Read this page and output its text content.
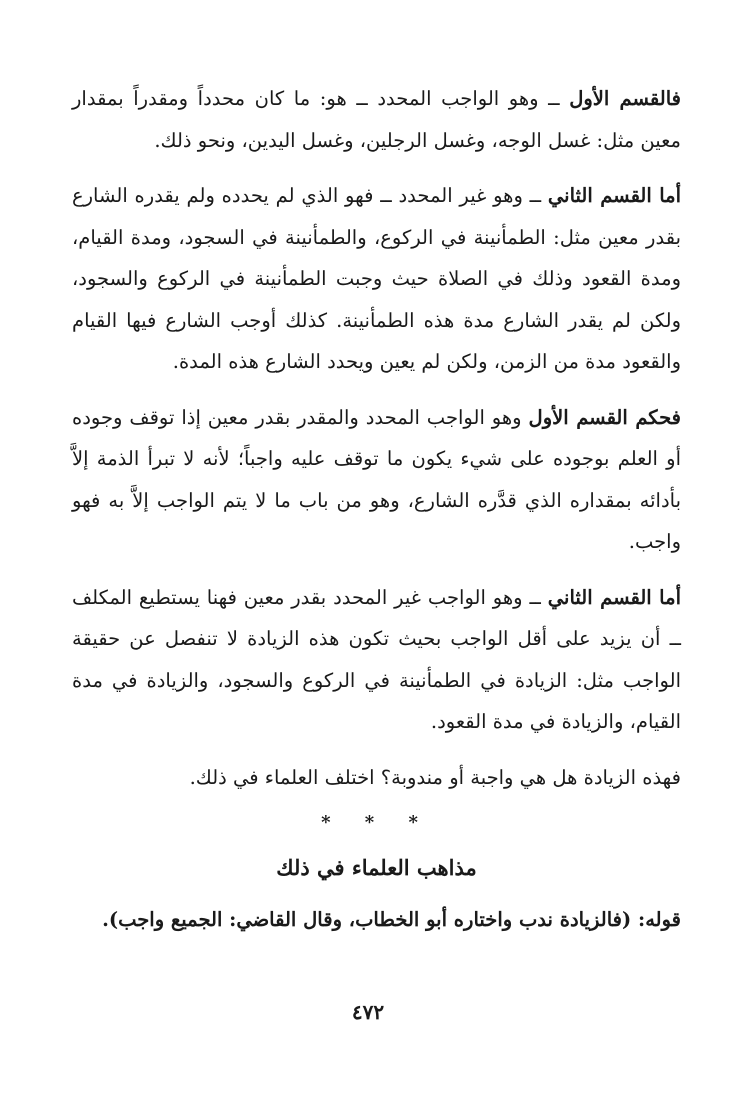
فالقسم الأول ــ وهو الواجب المحدد ــ هو: ما كان محدداً ومقدراً بمقدار معين مثل: غسل الوجه، وغسل الرجلين، وغسل اليدين، ونحو ذلك.

أما القسم الثاني ــ وهو غير المحدد ــ فهو الذي لم يحدده ولم يقدره الشارع بقدر معين مثل: الطمأنينة في الركوع، والطمأنينة في السجود، ومدة القيام، ومدة القعود وذلك في الصلاة حيث وجبت الطمأنينة في الركوع والسجود، ولكن لم يقدر الشارع مدة هذه الطمأنينة. كذلك أوجب الشارع فيها القيام والقعود مدة من الزمن، ولكن لم يعين ويحدد الشارع هذه المدة.

فحكم القسم الأول وهو الواجب المحدد والمقدر بقدر معين إذا توقف وجوده أو العلم بوجوده على شيء يكون ما توقف عليه واجباً؛ لأنه لا تبرأ الذمة إلاَّ بأدائه بمقداره الذي قدَّره الشارع، وهو من باب ما لا يتم الواجب إلاَّ به فهو واجب.

أما القسم الثاني ــ وهو الواجب غير المحدد بقدر معين فهنا يستطيع المكلف ــ أن يزيد على أقل الواجب بحيث تكون هذه الزيادة لا تنفصل عن حقيقة الواجب مثل: الزيادة في الطمأنينة في الركوع والسجود، والزيادة في مدة القيام، والزيادة في مدة القعود.

فهذه الزيادة هل هي واجبة أو مندوبة؟ اختلف العلماء في ذلك.

* * *
مذاهب العلماء في ذلك

قوله: (فالزيادة ندب واختاره أبو الخطاب، وقال القاضي: الجميع واجب).

٤٧٢
